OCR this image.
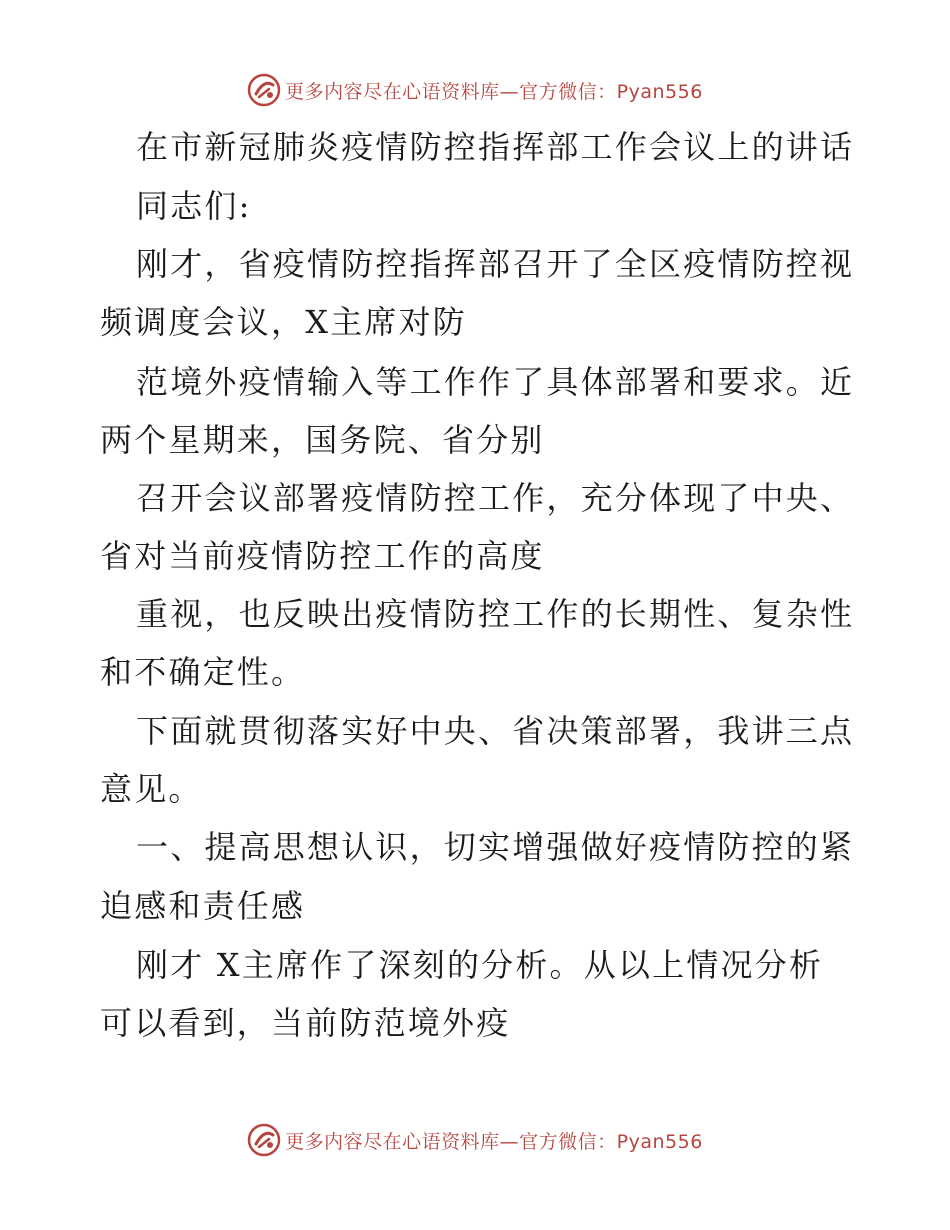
更多内容尽在心语资料库—官方微信：Pyan556
在市新冠肺炎疫情防控指挥部工作会议上的讲话
同志们:
刚才，省疫情防控指挥部召开了全区疫情防控视
频调度会议，X主席对防
范境外疫情输入等工作作了具体部署和要求。近
两个星期来，国务院、省分别
召开会议部署疫情防控工作，充分体现了中央、
省对当前疫情防控工作的高度
重视，也反映出疫情防控工作的长期性、复杂性
和不确定性。
下面就贯彻落实好中央、省决策部署，我讲三点
意见。
一、提高思想认识，切实增强做好疫情防控的紧
迫感和责任感
刚才 X主席作了深刻的分析。从以上情况分析
可以看到，当前防范境外疫
更多内容尽在心语资料库—官方微信：Pyan556
